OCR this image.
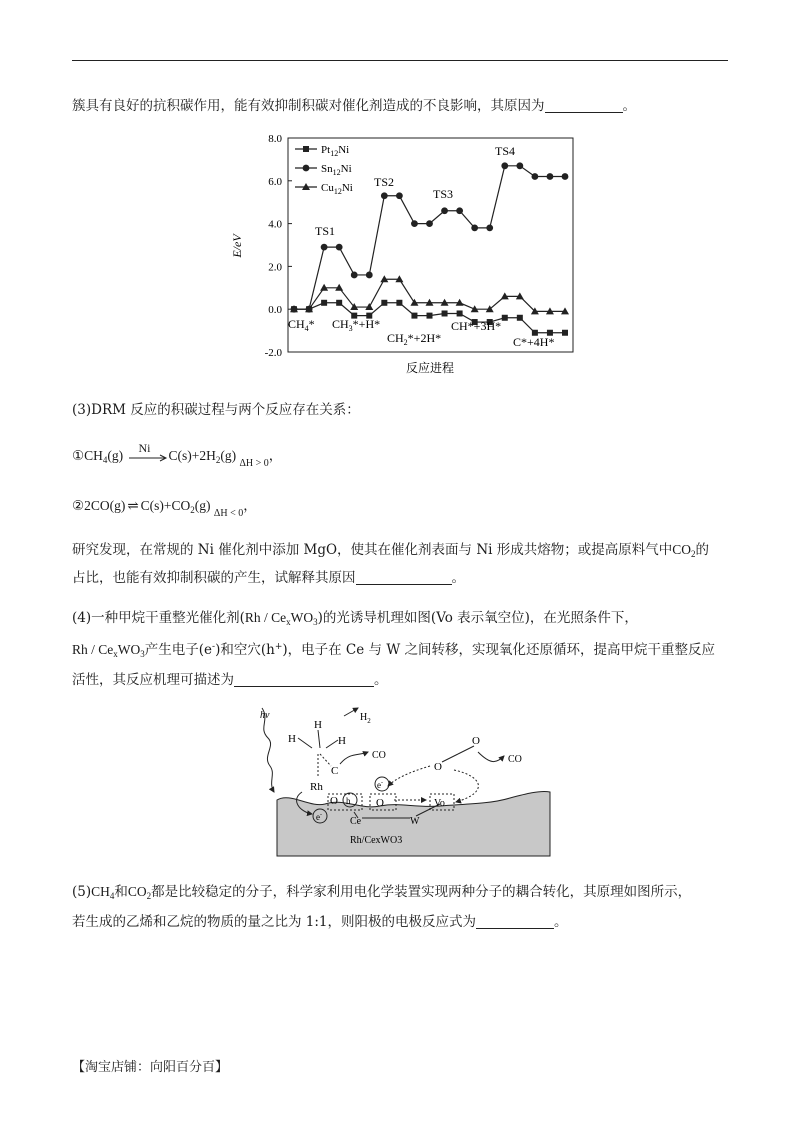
簇具有良好的抗积碳作用，能有效抑制积碳对催化剂造成的不良影响，其原因为	。
8.0
6.0
4.0
2.0
0.0
-2.0
E/eV
$Pt_{12}Ni$
$Sn_{12}Ni$
$Cu_{12}Ni$
TS1
TS2
TS3
TS4
$CH_4*$ $CH_3*+H*$
$CH_2*+2H*$
CH*+3H*
C*+4H*
反应进程
(3)DRM 反应的积碳过程与两个反应存在关系：
$①CH_4(g)$
Ni
$C(s)+2H_2(g)$ $_{\Delta H > 0}$，
②2CO(g) ⇌ $C(s)+CO_2(g)$ $_{\Delta H < 0}$，
研究发现，在常规的 Ni 催化剂中添加 MgO，使其在催化剂表面与 Ni 形成共熔物；或提高原料气中$CO_2$的
占比，也能有效抑制积碳的产生，试解释其原因	。
(4)一种甲烷干重整光催化剂$(Rh / Ce_xWO_3)$的光诱导机理如图(Vo 表示氧空位)，在光照条件下，
Rh / $Ce_xWO_3$产生电子(e-)和空穴(h+)，电子在 Ce 与 W 之间转移，实现氧化还原循环，提高甲烷干重整反应
活性，其反应机理可描述为	。
Rh/CexWO3
hv
H
H	H
C
Rh
$H_2$
CO
O h
e-
O
e-
Ce	W
Vo
O
O
CO
$(5)CH_4$和$CO_2$都是比较稳定的分子，科学家利用电化学装置实现两种分子的耦合转化，其原理如图所示，
若生成的乙烯和乙烷的物质的量之比为 1:1，则阳极的电极反应式为	。
【淘宝店铺：向阳百分百】
